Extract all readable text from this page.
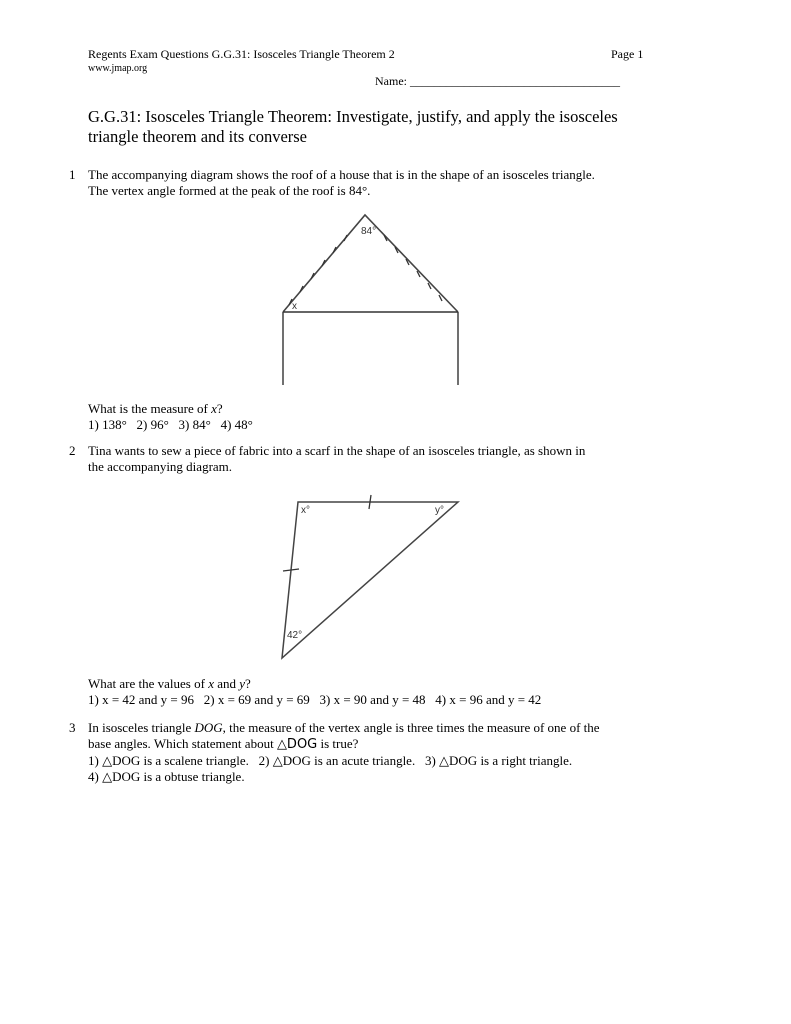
Regents Exam Questions G.G.31: Isosceles Triangle Theorem 2	Page 1
www.jmap.org
Name: ___________________________________
G.G.31: Isosceles Triangle Theorem: Investigate, justify, and apply the isosceles triangle theorem and its converse
1 The accompanying diagram shows the roof of a house that is in the shape of an isosceles triangle.
The vertex angle formed at the peak of the roof is 84°.
84°
x
What is the measure of x?
1) 138°   2) 96°   3) 84°   4) 48°
2 Tina wants to sew a piece of fabric into a scarf in the shape of an isosceles triangle, as shown in
the accompanying diagram.
x°	y°
42°
What are the values of x and y?
1) x = 42 and y = 96   2) x = 69 and y = 69   3) x = 90 and y = 48   4) x = 96 and y = 42
3 In isosceles triangle DOG, the measure of the vertex angle is three times the measure of one of the
base angles. Which statement about △DOG is true?
1) △DOG is a scalene triangle.   2) △DOG is an acute triangle.   3) △DOG is a right triangle.
4) △DOG is a obtuse triangle.
